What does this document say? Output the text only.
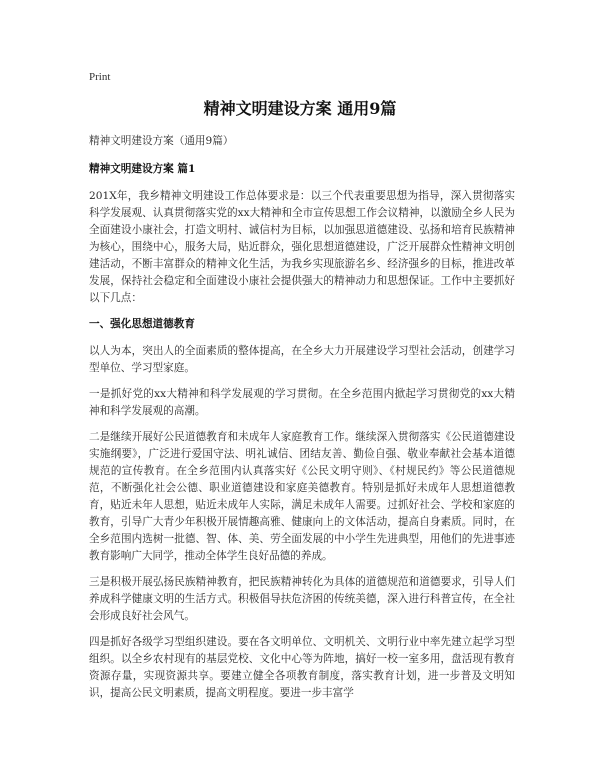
Print
精神文明建设方案 通用9篇

精神文明建设方案（通用9篇）

精神文明建设方案 篇1

201X年，我乡精神文明建设工作总体要求是：以三个代表重要思想为指导，深入贯彻落实科学发展观、认真贯彻落实党的xx大精神和全市宣传思想工作会议精神，以激励全乡人民为全面建设小康社会，打造文明村、诚信村为目标，以加强思道德建设、弘扬和培育民族精神为核心，围绕中心，服务大局，贴近群众，强化思想道德建设，广泛开展群众性精神文明创建活动，不断丰富群众的精神文化生活，为我乡实现旅游名乡、经济强乡的目标，推进改革发展，保持社会稳定和全面建设小康社会提供强大的精神动力和思想保证。工作中主要抓好以下几点：

一、强化思想道德教育

以人为本，突出人的全面素质的整体提高，在全乡大力开展建设学习型社会活动，创建学习型单位、学习型家庭。

一是抓好党的xx大精神和科学发展观的学习贯彻。在全乡范围内掀起学习贯彻党的xx大精神和科学发展观的高潮。

二是继续开展好公民道德教育和未成年人家庭教育工作。继续深入贯彻落实《公民道德建设实施纲要》，广泛进行爱国守法、明礼诚信、团结友善、勤俭自强、敬业奉献社会基本道德规范的宣传教育。在全乡范围内认真落实好《公民文明守则》、《村规民约》等公民道德规范，不断强化社会公德、职业道德建设和家庭美德教育。特别是抓好未成年人思想道德教育，贴近未年人思想，贴近未成年人实际，满足未成年人需要。过抓好社会、学校和家庭的教育，引导广大青少年积极开展情趣高雅、健康向上的文体活动，提高自身素质。同时，在全乡范围内选树一批德、智、体、美、劳全面发展的中小学生先进典型，用他们的先进事迹教育影响广大同学，推动全体学生良好品德的养成。

三是积极开展弘扬民族精神教育，把民族精神转化为具体的道德规范和道德要求，引导人们养成科学健康文明的生活方式。积极倡导扶危济困的传统美德，深入进行科普宣传，在全社会形成良好社会风气。

四是抓好各级学习型组织建设。要在各文明单位、文明机关、文明行业中率先建立起学习型组织。以全乡农村现有的基层党校、文化中心等为阵地，搞好一校一室多用，盘活现有教育资源存量，实现资源共享。要建立健全各项教育制度，落实教育计划，进一步普及文明知识，提高公民文明素质，提高文明程度。要进一步丰富学
